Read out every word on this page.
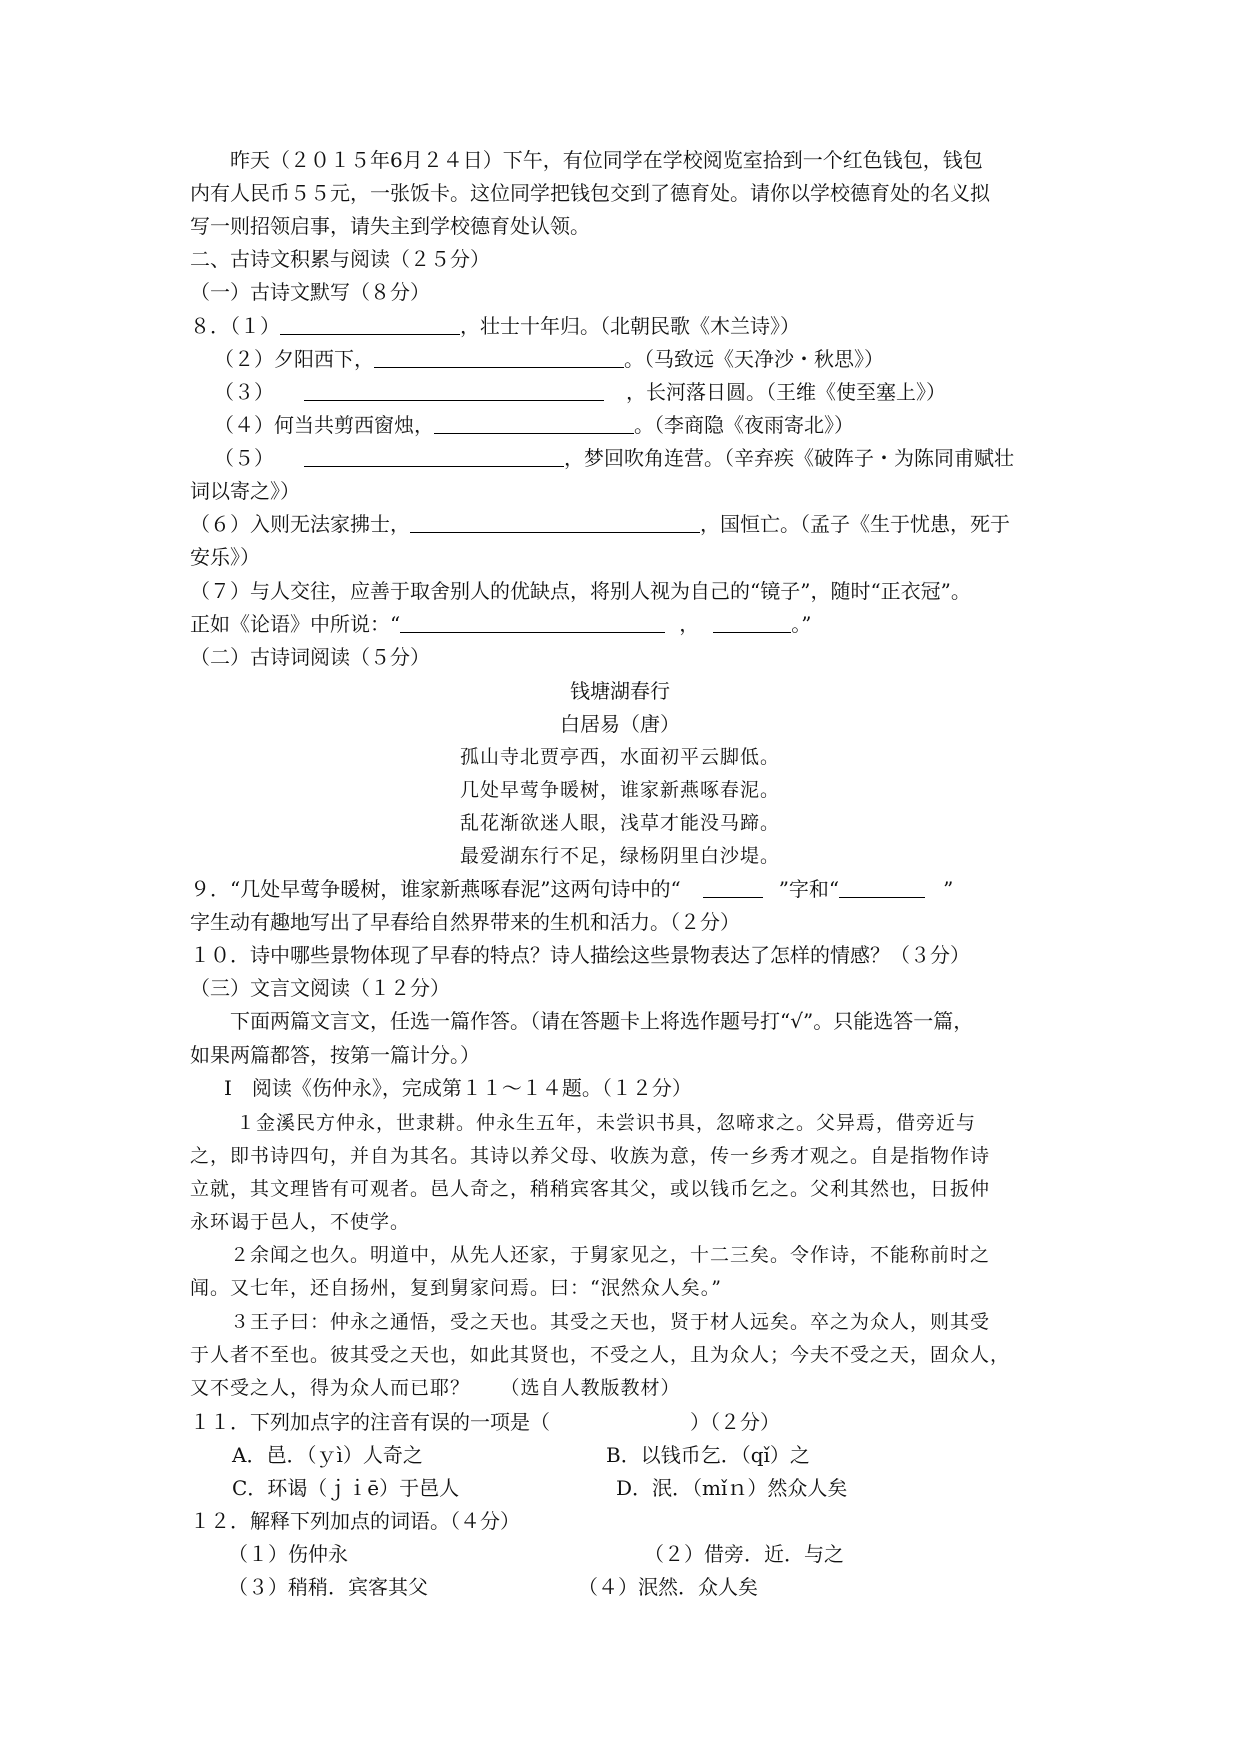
昨天（２０１５年6月２４日）下午，有位同学在学校阅览室拾到一个红色钱包，钱包
内有人民币５５元，一张饭卡。这位同学把钱包交到了德育处。请你以学校德育处的名义拟
写一则招领启事，请失主到学校德育处认领。
二、古诗文积累与阅读（２５分）
（一）古诗文默写（８分）
８．（１）	，壮士十年归。（北朝民歌《木兰诗》）
（２）夕阳西下，	。（马致远《天净沙・秋思》）
（３）	，长河落日圆。（王维《使至塞上》）
（４）何当共剪西窗烛，	。（李商隐《夜雨寄北》）
（５）	，梦回吹角连营。（辛弃疾《破阵子・为陈同甫赋壮
词以寄之》）
（６）入则无法家拂士，	，国恒亡。（孟子《生于忧患，死于
安乐》）
（７）与人交往，应善于取舍别人的优缺点，将别人视为自己的“镜子”，随时“正衣冠”。
正如《论语》中所说：“	，	。”
（二）古诗词阅读（５分）
钱塘湖春行
白居易（唐）
孤山寺北贾亭西，水面初平云脚低。
几处早莺争暖树，谁家新燕啄春泥。
乱花渐欲迷人眼，浅草才能没马蹄。
最爱湖东行不足，绿杨阴里白沙堤。
９．“几处早莺争暖树，谁家新燕啄春泥”这两句诗中的“	”字和“	”
字生动有趣地写出了早春给自然界带来的生机和活力。（２分）
１０．诗中哪些景物体现了早春的特点？诗人描绘这些景物表达了怎样的情感？（３分）
（三）文言文阅读（１２分）
下面两篇文言文，任选一篇作答。（请在答题卡上将选作题号打“√”。只能选答一篇，
如果两篇都答，按第一篇计分。）
Ⅰ　阅读《伤仲永》，完成第１１～１４题。（１２分）
１金溪民方仲永，世隶耕。仲永生五年，未尝识书具，忽啼求之。父异焉，借旁近与
之，即书诗四句，并自为其名。其诗以养父母、收族为意，传一乡秀才观之。自是指物作诗
立就，其文理皆有可观者。邑人奇之，稍稍宾客其父，或以钱币乞之。父利其然也，日扳仲
永环谒于邑人，不使学。
２余闻之也久。明道中，从先人还家，于舅家见之，十二三矣。令作诗，不能称前时之
闻。又七年，还自扬州，复到舅家问焉。曰：“泯然众人矣。”
３王子曰：仲永之通悟，受之天也。其受之天也，贤于材人远矣。卒之为众人，则其受
于人者不至也。彼其受之天也，如此其贤也，不受之人，且为众人；今夫不受之天，固众人，
又不受之人，得为众人而已耶？　　（选自人教版教材）
１１．下列加点字的注音有误的一项是（	）（２分）
A．邑．（ｙì）人奇之	B．以钱币乞．（qǐ）之
C．环谒（ｊｉē）于邑人	D．泯．（mǐｎ）然众人矣
１２．解释下列加点的词语。（４分）
（１）伤仲永	（２）借旁．近．与之
（３）稍稍．宾客其父	（４）泯然．众人矣
